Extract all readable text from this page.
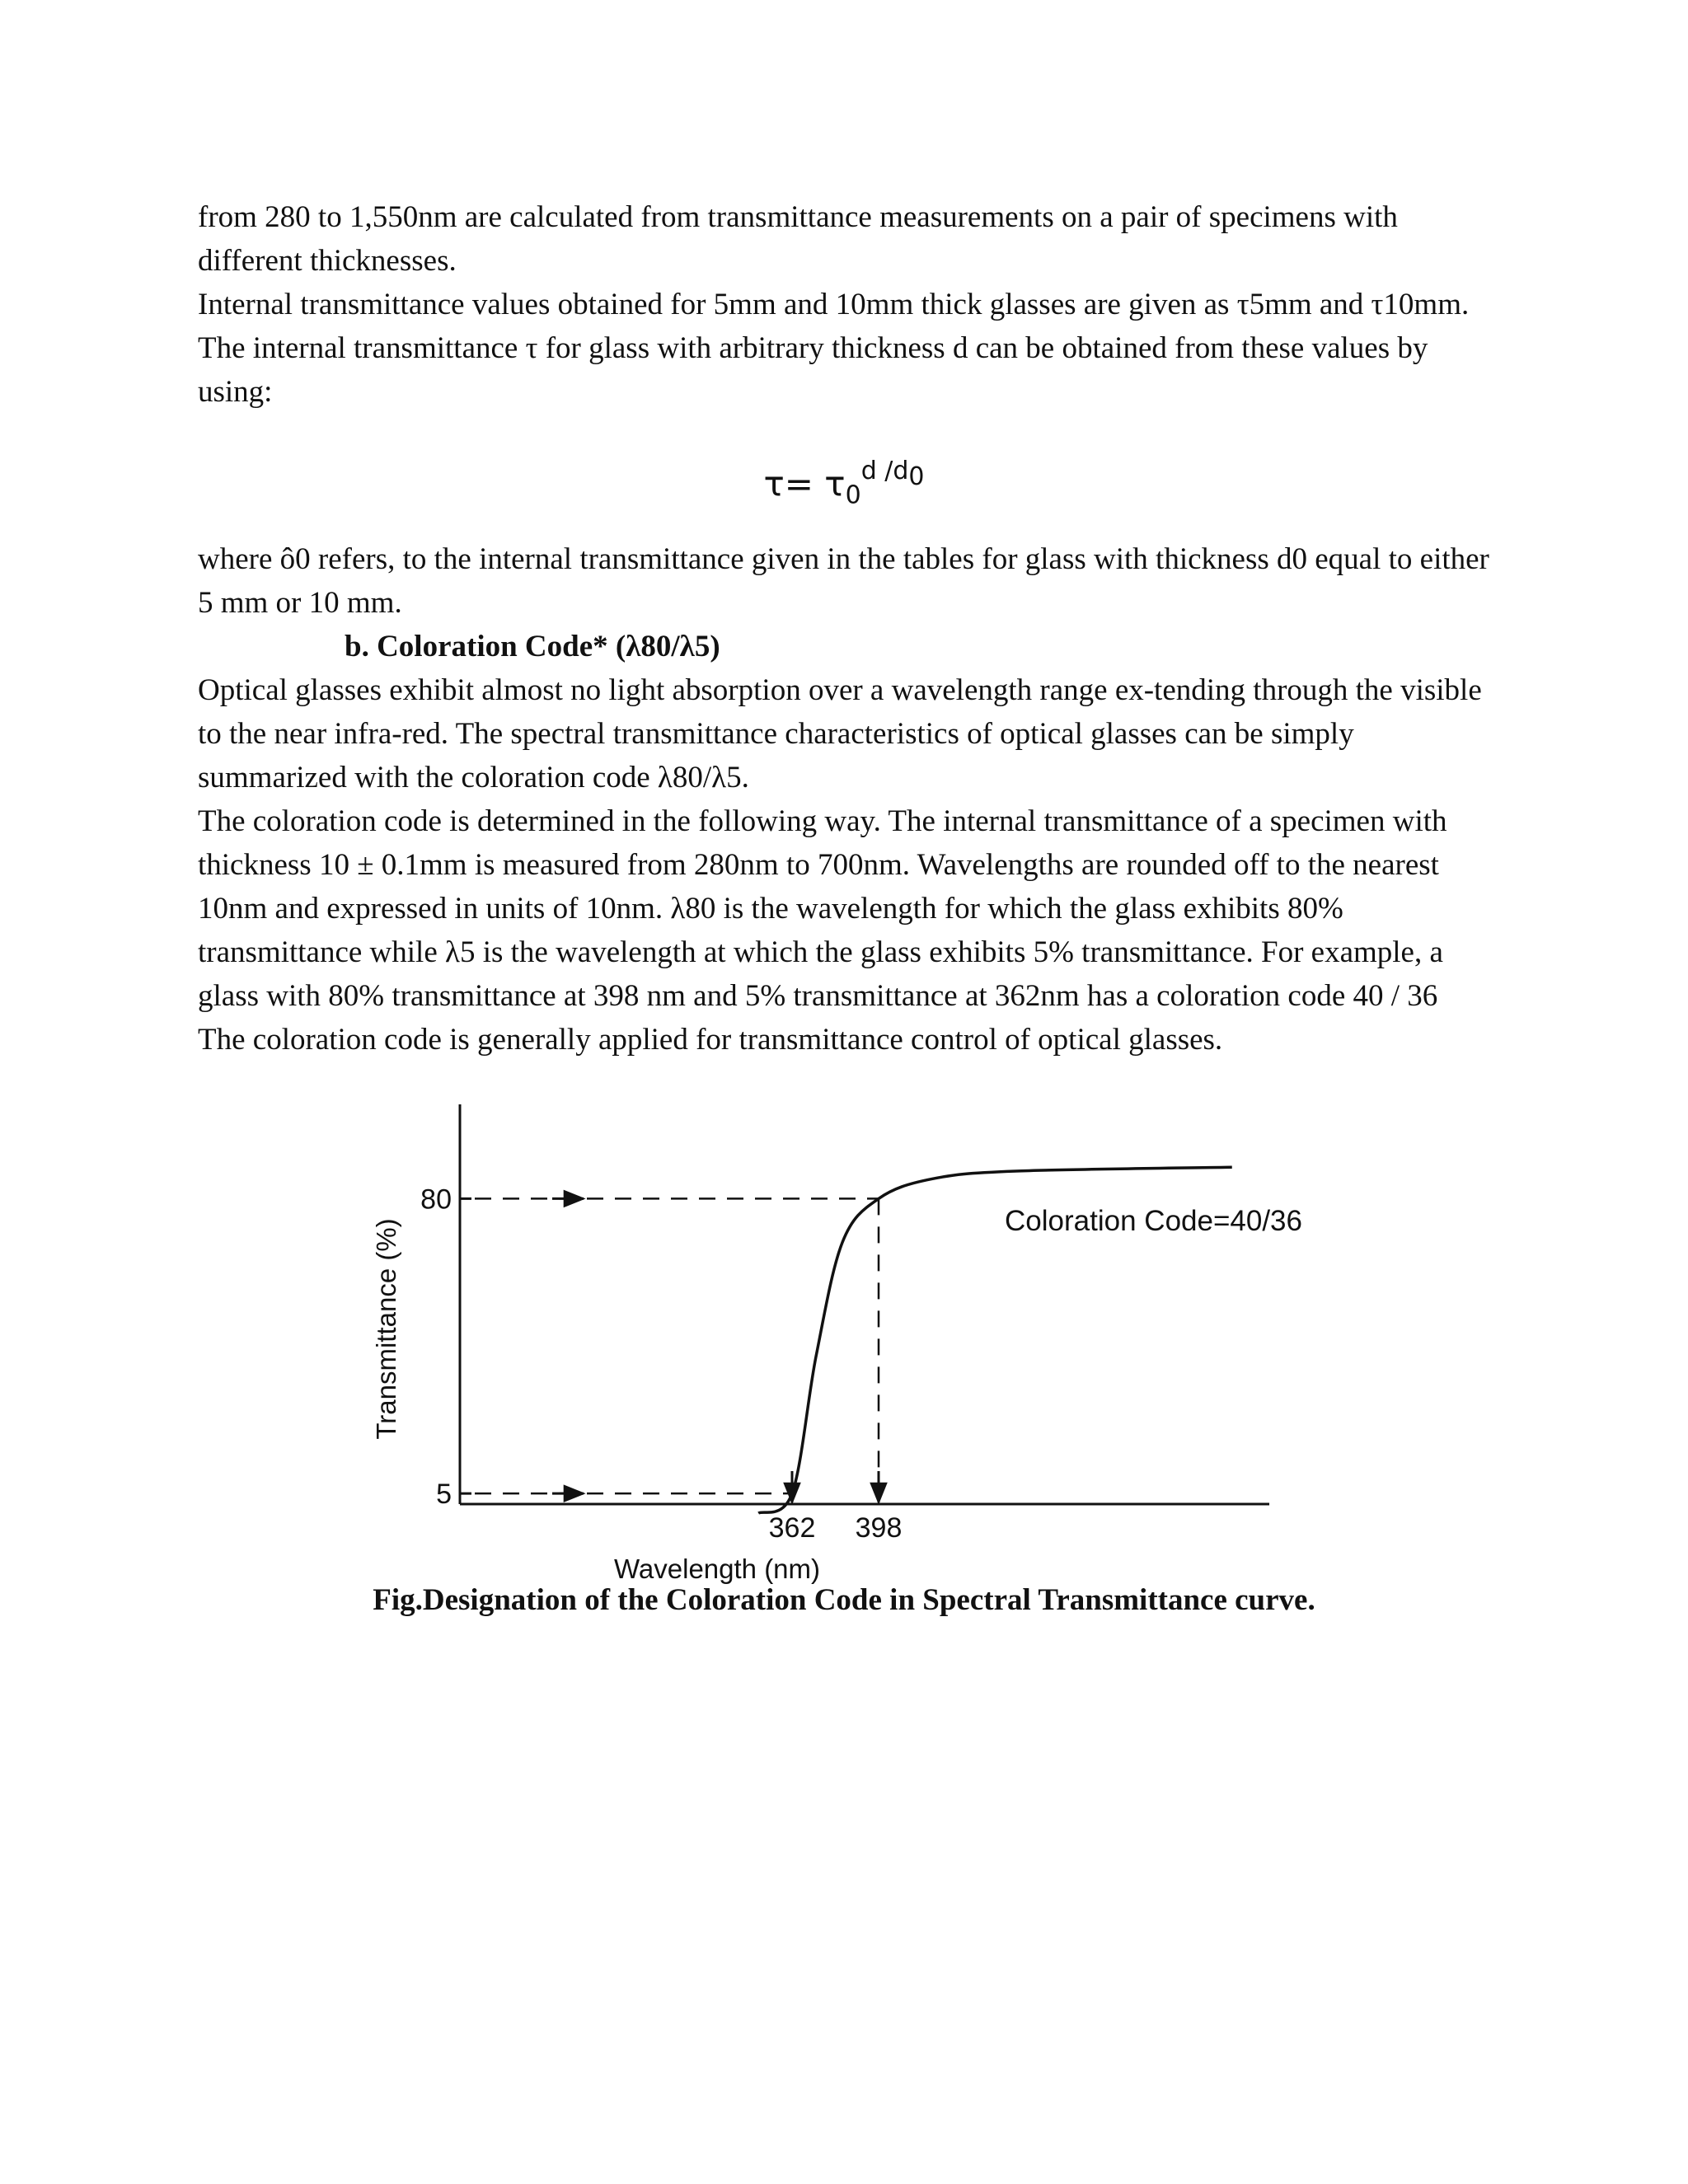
from 280 to 1,550nm are calculated from transmittance measurements on a pair of specimens with different thicknesses.

Internal transmittance values obtained for 5mm and 10mm thick glasses are given as τ5mm and τ10mm.

The internal transmittance τ for glass with arbitrary thickness d can be obtained from these values by using:

$\tau= \tau_0^{d /d_0}$

where ô0 refers, to the internal transmittance given in the tables for glass with thickness d0 equal to either 5 mm or 10 mm.

b. Coloration Code* (λ80/λ5)

Optical glasses exhibit almost no light absorption over a wavelength range ex-tending through the visible to the near infra-red. The spectral transmittance characteristics of optical glasses can be simply summarized with the coloration code λ80/λ5.

The coloration code is determined in the following way. The internal transmittance of a specimen with thickness 10 ± 0.1mm is measured from 280nm to 700nm. Wavelengths are rounded off to the nearest 10nm and expressed in units of 10nm. λ80 is the wavelength for which the glass exhibits 80% transmittance while λ5 is the wavelength at which the glass exhibits 5% transmittance. For example, a glass with 80% transmittance at 398 nm and 5% transmittance at 362nm has a coloration code 40 / 36

The coloration code is generally applied for transmittance control of optical glasses.

80
5
362 398
Wavelength (nm)
Transmittance (%)	Coloration Code=40/36
Fig.Designation of the Coloration Code in Spectral Transmittance curve.
